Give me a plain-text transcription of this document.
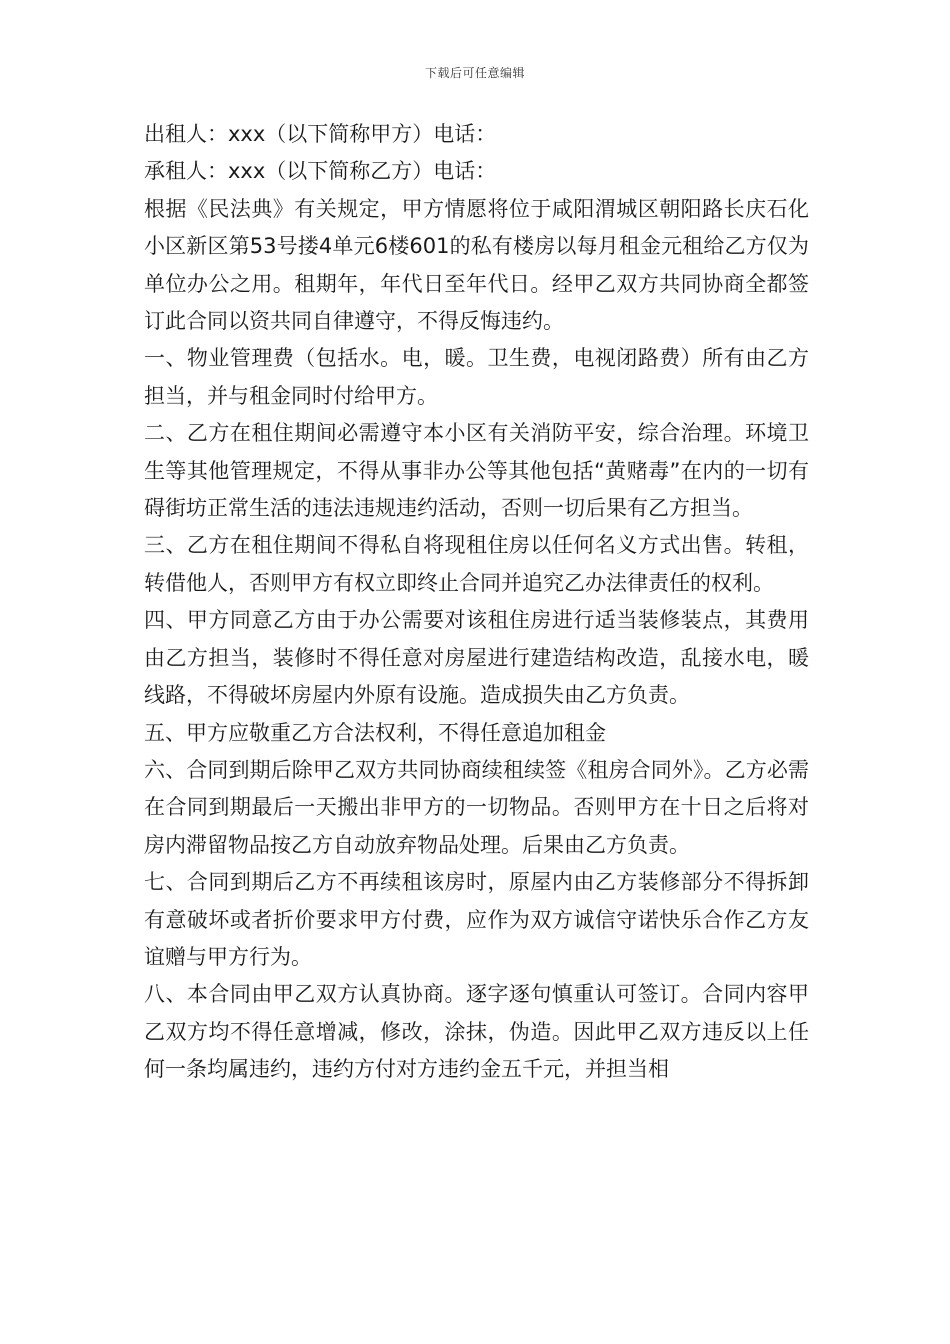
下载后可任意编辑

出租人：xxx（以下简称甲方）电话：

承租人：xxx（以下简称乙方）电话：

根据《民法典》有关规定，甲方情愿将位于咸阳渭城区朝阳路长庆石化小区新区第53号搂4单元6楼601的私有楼房以每月租金元租给乙方仅为单位办公之用。租期年，年代日至年代日。经甲乙双方共同协商全都签订此合同以资共同自律遵守，不得反悔违约。

一、物业管理费（包括水。电，暖。卫生费，电视闭路费）所有由乙方担当，并与租金同时付给甲方。

二、乙方在租住期间必需遵守本小区有关消防平安，综合治理。环境卫生等其他管理规定，不得从事非办公等其他包括“黄赌毒”在内的一切有碍街坊正常生活的违法违规违约活动，否则一切后果有乙方担当。

三、乙方在租住期间不得私自将现租住房以任何名义方式出售。转租，转借他人，否则甲方有权立即终止合同并追究乙办法律责任的权利。

四、甲方同意乙方由于办公需要对该租住房进行适当装修装点，其费用由乙方担当，装修时不得任意对房屋进行建造结构改造，乱接水电，暖线路，不得破坏房屋内外原有设施。造成损失由乙方负责。

五、甲方应敬重乙方合法权利，不得任意追加租金

六、合同到期后除甲乙双方共同协商续租续签《租房合同外》。乙方必需在合同到期最后一天搬出非甲方的一切物品。否则甲方在十日之后将对房内滞留物品按乙方自动放弃物品处理。后果由乙方负责。

七、合同到期后乙方不再续租该房时，原屋内由乙方装修部分不得拆卸有意破坏或者折价要求甲方付费，应作为双方诚信守诺快乐合作乙方友谊赠与甲方行为。

八、本合同由甲乙双方认真协商。逐字逐句慎重认可签订。合同内容甲乙双方均不得任意增减，修改，涂抹，伪造。因此甲乙双方违反以上任何一条均属违约，违约方付对方违约金五千元，并担当相
